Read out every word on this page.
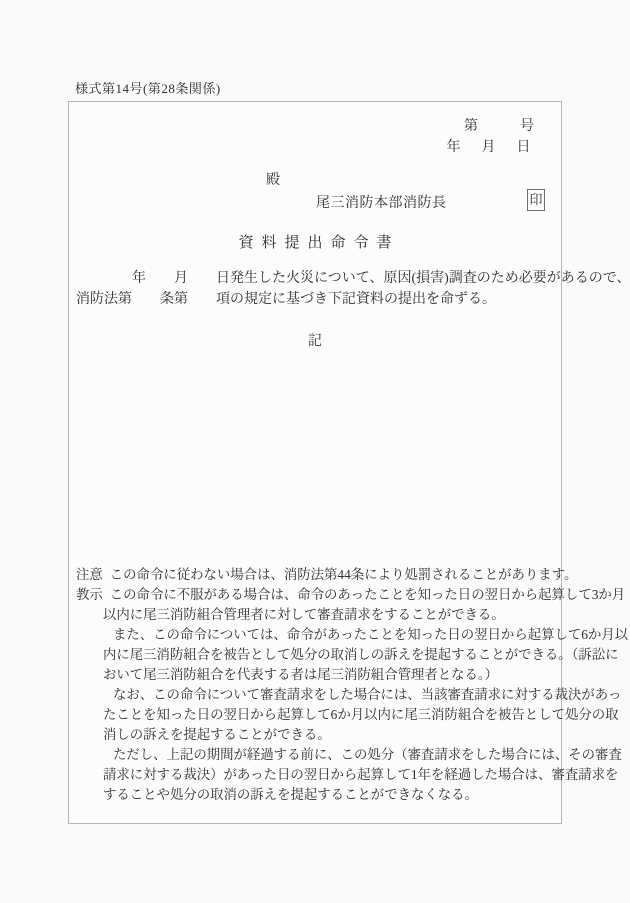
様式第14号(第28条関係)
第　　　号
年　月　日
殿
尾三消防本部消防長	印
資料提出命令書
　　　　年　　月　　日発生した火災について、原因(損害)調査のため必要があるので、
消防法第　　条第　　項の規定に基づき下記資料の提出を命ずる。
記
注意 この命令に従わない場合は、消防法第44条により処罰されることがあります。
教示 この命令に不服がある場合は、命令のあったことを知った日の翌日から起算して3か月
以内に尾三消防組合管理者に対して審査請求をすることができる。
また、この命令については、命令があったことを知った日の翌日から起算して6か月以
内に尾三消防組合を被告として処分の取消しの訴えを提起することができる。（訴訟に
おいて尾三消防組合を代表する者は尾三消防組合管理者となる。）
なお、この命令について審査請求をした場合には、当該審査請求に対する裁決があっ
たことを知った日の翌日から起算して6か月以内に尾三消防組合を被告として処分の取
消しの訴えを提起することができる。
ただし、上記の期間が経過する前に、この処分（審査請求をした場合には、その審査
請求に対する裁決）があった日の翌日から起算して1年を経過した場合は、審査請求を
することや処分の取消の訴えを提起することができなくなる。
